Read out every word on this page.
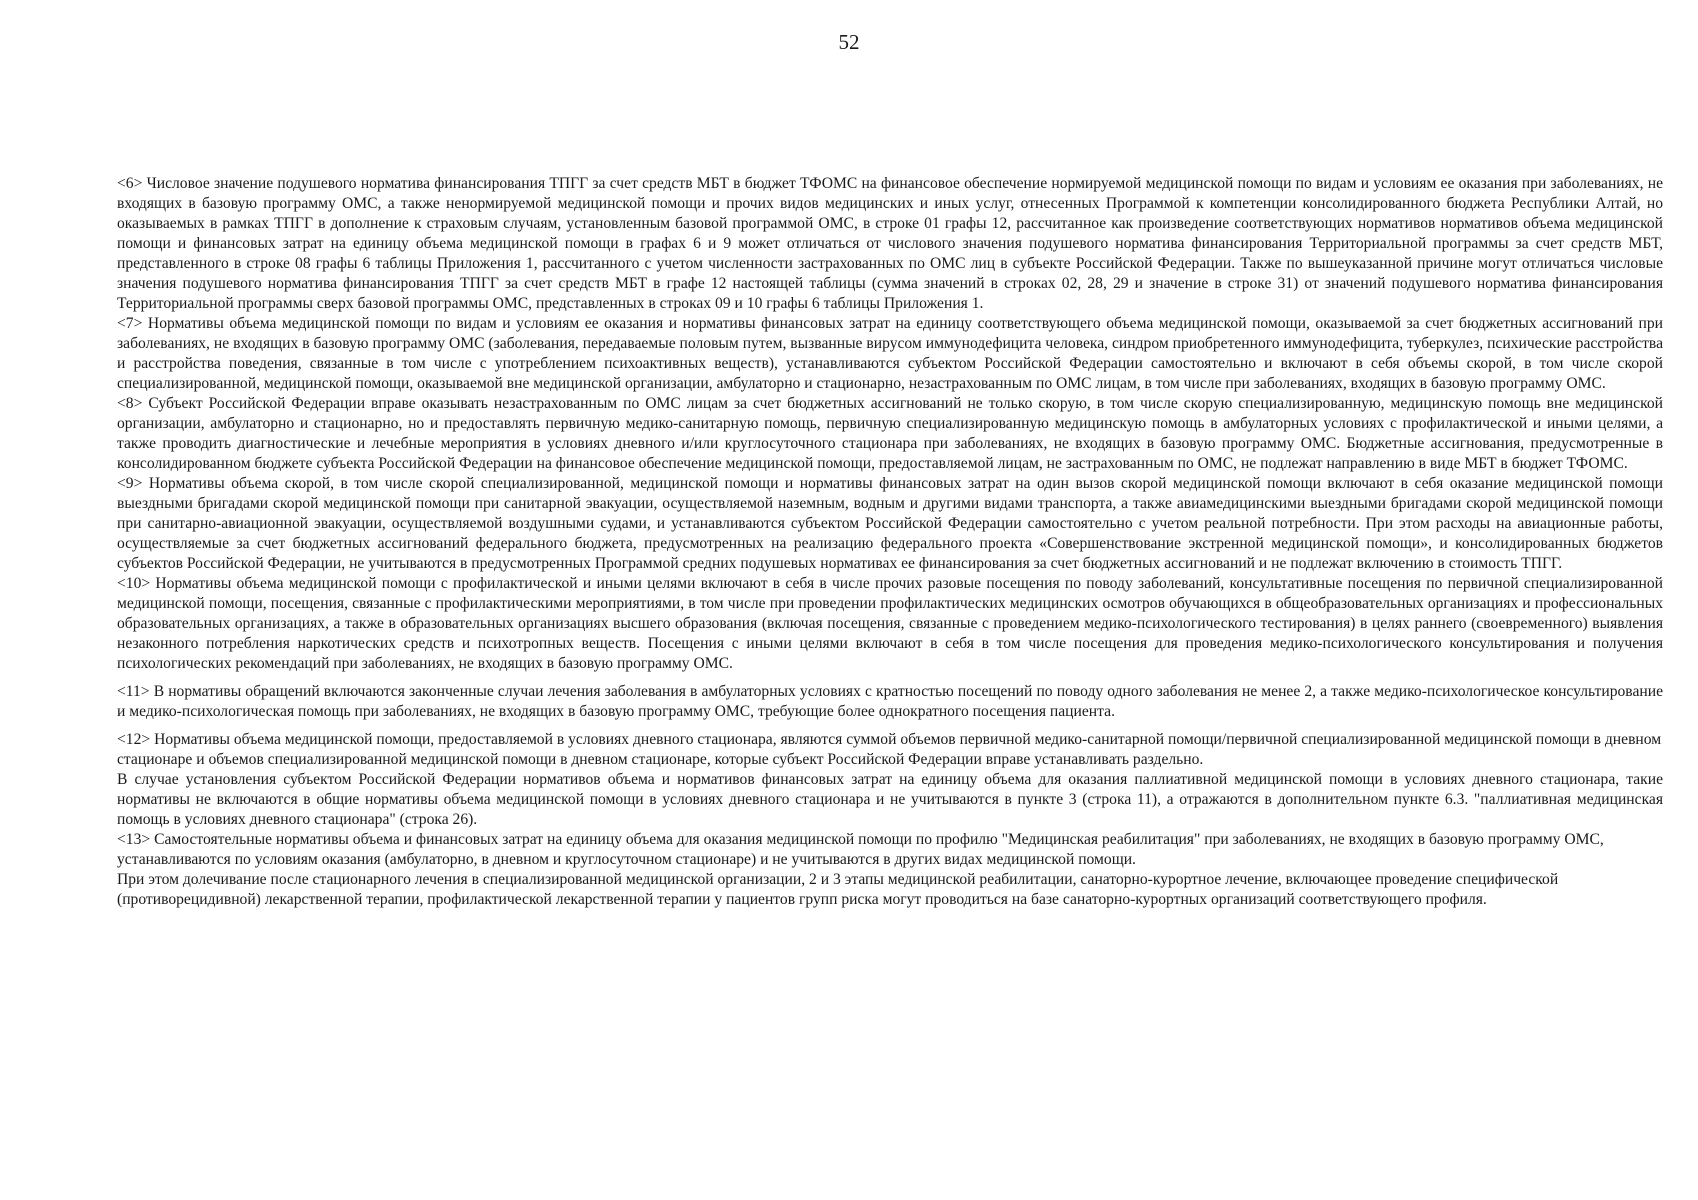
52

<6> Числовое значение подушевого норматива финансирования ТПГГ за счет средств МБТ в бюджет ТФОМС на финансовое обеспечение нормируемой медицинской помощи по видам и условиям ее оказания при заболеваниях, не входящих в базовую программу ОМС, а также ненормируемой медицинской помощи и прочих видов медицинских и иных услуг, отнесенных Программой к компетенции консолидированного бюджета Республики Алтай, но оказываемых в рамках ТПГГ в дополнение к страховым случаям, установленным базовой программой ОМС, в строке 01 графы 12, рассчитанное как произведение соответствующих нормативов нормативов объема медицинской помощи и финансовых затрат на единицу объема медицинской помощи в графах 6 и 9 может отличаться от числового значения подушевого норматива финансирования Территориальной программы за счет средств МБТ, представленного в строке 08 графы 6 таблицы Приложения 1, рассчитанного с учетом численности застрахованных по ОМС лиц в субъекте Российской Федерации. Также по вышеуказанной причине могут отличаться числовые значения подушевого норматива финансирования ТПГГ за счет средств МБТ в графе 12 настоящей таблицы (сумма значений в строках 02, 28, 29 и значение в строке 31) от значений подушевого норматива финансирования Территориальной программы сверх базовой программы ОМС, представленных в строках 09 и 10 графы 6 таблицы Приложения 1.

<7> Нормативы объема медицинской помощи по видам и условиям ее оказания и нормативы финансовых затрат на единицу соответствующего объема медицинской помощи, оказываемой за счет бюджетных ассигнований при заболеваниях, не входящих в базовую программу ОМС (заболевания, передаваемые половым путем, вызванные вирусом иммунодефицита человека, синдром приобретенного иммунодефицита, туберкулез, психические расстройства и расстройства поведения, связанные в том числе с употреблением психоактивных веществ), устанавливаются субъектом Российской Федерации самостоятельно и включают в себя объемы скорой, в том числе скорой специализированной, медицинской помощи, оказываемой вне медицинской организации, амбулаторно и стационарно, незастрахованным по ОМС лицам, в том числе при заболеваниях, входящих в базовую программу ОМС.

<8> Субъект Российской Федерации вправе оказывать незастрахованным по ОМС лицам за счет бюджетных ассигнований не только скорую, в том числе скорую специализированную, медицинскую помощь вне медицинской организации, амбулаторно и стационарно, но и предоставлять первичную медико-санитарную помощь, первичную специализированную медицинскую помощь в амбулаторных условиях с профилактической и иными целями, а также проводить диагностические и лечебные мероприятия в условиях дневного и/или круглосуточного стационара при заболеваниях, не входящих в базовую программу ОМС. Бюджетные ассигнования, предусмотренные в консолидированном бюджете субъекта Российской Федерации на финансовое обеспечение медицинской помощи, предоставляемой лицам, не застрахованным по ОМС, не подлежат направлению в виде МБТ в бюджет ТФОМС.

<9> Нормативы объема скорой, в том числе скорой специализированной, медицинской помощи и нормативы финансовых затрат на один вызов скорой медицинской помощи включают в себя оказание медицинской помощи выездными бригадами скорой медицинской помощи при санитарной эвакуации, осуществляемой наземным, водным и другими видами транспорта, а также авиамедицинскими выездными бригадами скорой медицинской помощи при санитарно-авиационной эвакуации, осуществляемой воздушными судами, и устанавливаются субъектом Российской Федерации самостоятельно с учетом реальной потребности. При этом расходы на авиационные работы, осуществляемые за счет бюджетных ассигнований федерального бюджета, предусмотренных на реализацию федерального проекта «Совершенствование экстренной медицинской помощи», и консолидированных бюджетов субъектов Российской Федерации, не учитываются в предусмотренных Программой средних подушевых нормативах ее финансирования за счет бюджетных ассигнований и не подлежат включению в стоимость ТПГГ.

<10> Нормативы объема медицинской помощи с профилактической и иными целями включают в себя в числе прочих разовые посещения по поводу заболеваний, консультативные посещения по первичной специализированной медицинской помощи, посещения, связанные с профилактическими мероприятиями, в том числе при проведении профилактических медицинских осмотров обучающихся в общеобразовательных организациях и профессиональных образовательных организациях, а также в образовательных организациях высшего образования (включая посещения, связанные с проведением медико-психологического тестирования) в целях раннего (своевременного) выявления незаконного потребления наркотических средств и психотропных веществ. Посещения с иными целями включают в себя в том числе посещения для проведения медико-психологического консультирования и получения психологических рекомендаций при заболеваниях, не входящих в базовую программу ОМС.

<11> В нормативы обращений включаются законченные случаи лечения заболевания в амбулаторных условиях с кратностью посещений по поводу одного заболевания не менее 2, а также медико-психологическое консультирование и медико-психологическая помощь при заболеваниях, не входящих в базовую программу ОМС, требующие более однократного посещения пациента.

<12> Нормативы объема медицинской помощи, предоставляемой в условиях дневного стационара, являются суммой объемов первичной медико-санитарной помощи/первичной специализированной медицинской помощи в дневном стационаре и объемов специализированной медицинской помощи в дневном стационаре, которые субъект Российской Федерации вправе устанавливать раздельно.

В случае установления субъектом Российской Федерации нормативов объема и нормативов финансовых затрат на единицу объема для оказания паллиативной медицинской помощи в условиях дневного стационара, такие нормативы не включаются в общие нормативы объема медицинской помощи в условиях дневного стационара и не учитываются в пункте 3 (строка 11), а отражаются в дополнительном пункте 6.3. "паллиативная медицинская помощь в условиях дневного стационара" (строка 26).

<13> Самостоятельные нормативы объема и финансовых затрат на единицу объема для оказания медицинской помощи по профилю "Медицинская реабилитация" при заболеваниях, не входящих в базовую программу ОМС, устанавливаются по условиям оказания (амбулаторно, в дневном и круглосуточном стационаре) и не учитываются в других видах медицинской помощи.

При этом долечивание после стационарного лечения в специализированной медицинской организации, 2 и 3 этапы медицинской реабилитации, санаторно-курортное лечение, включающее проведение специфической (противорецидивной) лекарственной терапии, профилактической лекарственной терапии у пациентов групп риска могут проводиться на базе санаторно-курортных организаций соответствующего профиля.
